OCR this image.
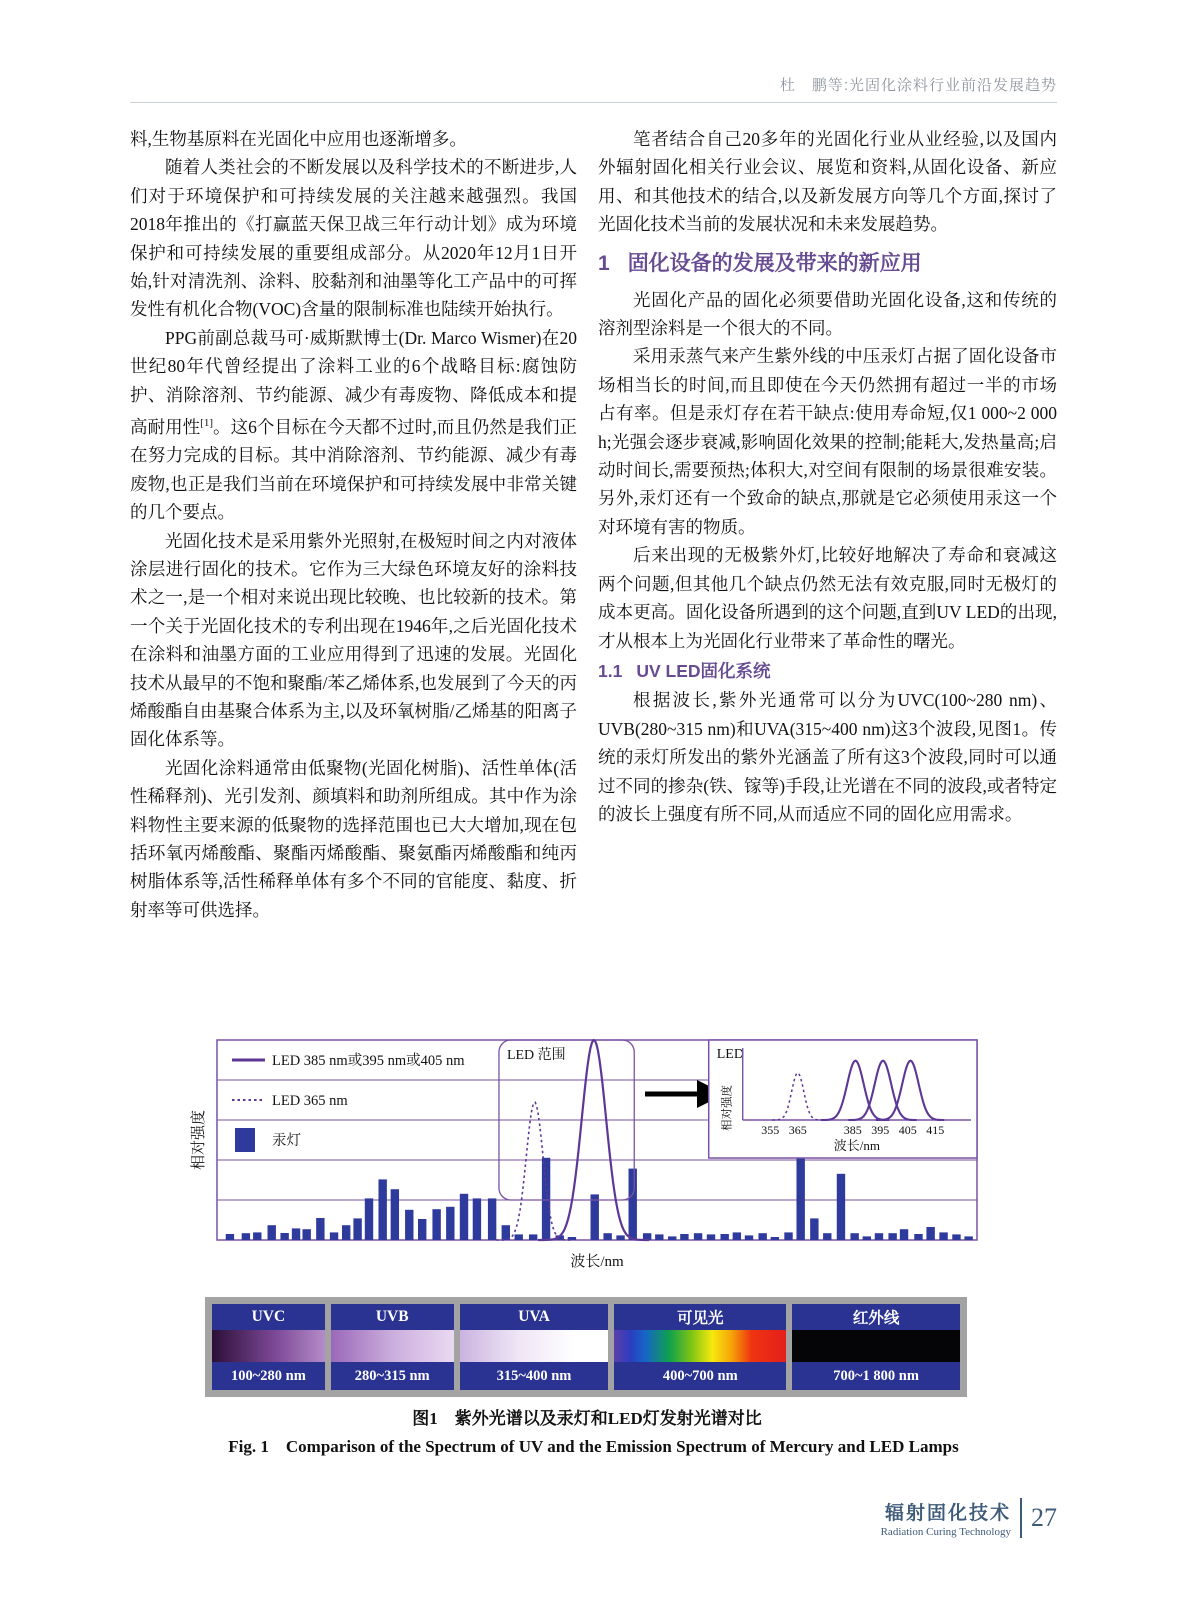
杜　鹏等:光固化涂料行业前沿发展趋势

料,生物基原料在光固化中应用也逐渐增多。

随着人类社会的不断发展以及科学技术的不断进步,人们对于环境保护和可持续发展的关注越来越强烈。我国2018年推出的《打赢蓝天保卫战三年行动计划》成为环境保护和可持续发展的重要组成部分。从2020年12月1日开始,针对清洗剂、涂料、胶黏剂和油墨等化工产品中的可挥发性有机化合物(VOC)含量的限制标准也陆续开始执行。

PPG前副总裁马可·威斯默博士(Dr. Marco Wismer)在20世纪80年代曾经提出了涂料工业的6个战略目标:腐蚀防护、消除溶剂、节约能源、减少有毒废物、降低成本和提高耐用性[1]。这6个目标在今天都不过时,而且仍然是我们正在努力完成的目标。其中消除溶剂、节约能源、减少有毒废物,也正是我们当前在环境保护和可持续发展中非常关键的几个要点。

光固化技术是采用紫外光照射,在极短时间之内对液体涂层进行固化的技术。它作为三大绿色环境友好的涂料技术之一,是一个相对来说出现比较晚、也比较新的技术。第一个关于光固化技术的专利出现在1946年,之后光固化技术在涂料和油墨方面的工业应用得到了迅速的发展。光固化技术从最早的不饱和聚酯/苯乙烯体系,也发展到了今天的丙烯酸酯自由基聚合体系为主,以及环氧树脂/乙烯基的阳离子固化体系等。

光固化涂料通常由低聚物(光固化树脂)、活性单体(活性稀释剂)、光引发剂、颜填料和助剂所组成。其中作为涂料物性主要来源的低聚物的选择范围也已大大增加,现在包括环氧丙烯酸酯、聚酯丙烯酸酯、聚氨酯丙烯酸酯和纯丙树脂体系等,活性稀释单体有多个不同的官能度、黏度、折射率等可供选择。

笔者结合自己20多年的光固化行业从业经验,以及国内外辐射固化相关行业会议、展览和资料,从固化设备、新应用、和其他技术的结合,以及新发展方向等几个方面,探讨了光固化技术当前的发展状况和未来发展趋势。

1 固化设备的发展及带来的新应用

光固化产品的固化必须要借助光固化设备,这和传统的溶剂型涂料是一个很大的不同。

采用汞蒸气来产生紫外线的中压汞灯占据了固化设备市场相当长的时间,而且即使在今天仍然拥有超过一半的市场占有率。但是汞灯存在若干缺点:使用寿命短,仅1 000~2 000 h;光强会逐步衰减,影响固化效果的控制;能耗大,发热量高;启动时间长,需要预热;体积大,对空间有限制的场景很难安装。另外,汞灯还有一个致命的缺点,那就是它必须使用汞这一个对环境有害的物质。

后来出现的无极紫外灯,比较好地解决了寿命和衰减这两个问题,但其他几个缺点仍然无法有效克服,同时无极灯的成本更高。固化设备所遇到的这个问题,直到UV LED的出现,才从根本上为光固化行业带来了革命性的曙光。

1.1 UV LED固化系统

根据波长,紫外光通常可以分为UVC(100~280 nm)、UVB(280~315 nm)和UVA(315~400 nm)这3个波段,见图1。传统的汞灯所发出的紫外光涵盖了所有这3个波段,同时可以通过不同的掺杂(铁、镓等)手段,让光谱在不同的波段,或者特定的波长上强度有所不同,从而适应不同的固化应用需求。

LED 范围
LED 385 nm或395 nm或405 nm
LED 365 nm
汞灯
LED
相对强度 355 365	385 395 405 415
波长/nm
相对强度
波长/nm
UVC
100~280 nm
UVB
280~315 nm
UVA
315~400 nm
可见光
400~700 nm
红外线
700~1 800 nm
图1　紫外光谱以及汞灯和LED灯发射光谱对比
Fig. 1　Comparison of the Spectrum of UV and the Emission Spectrum of Mercury and LED Lamps
辐射固化技术
Radiation Curing Technology 27
